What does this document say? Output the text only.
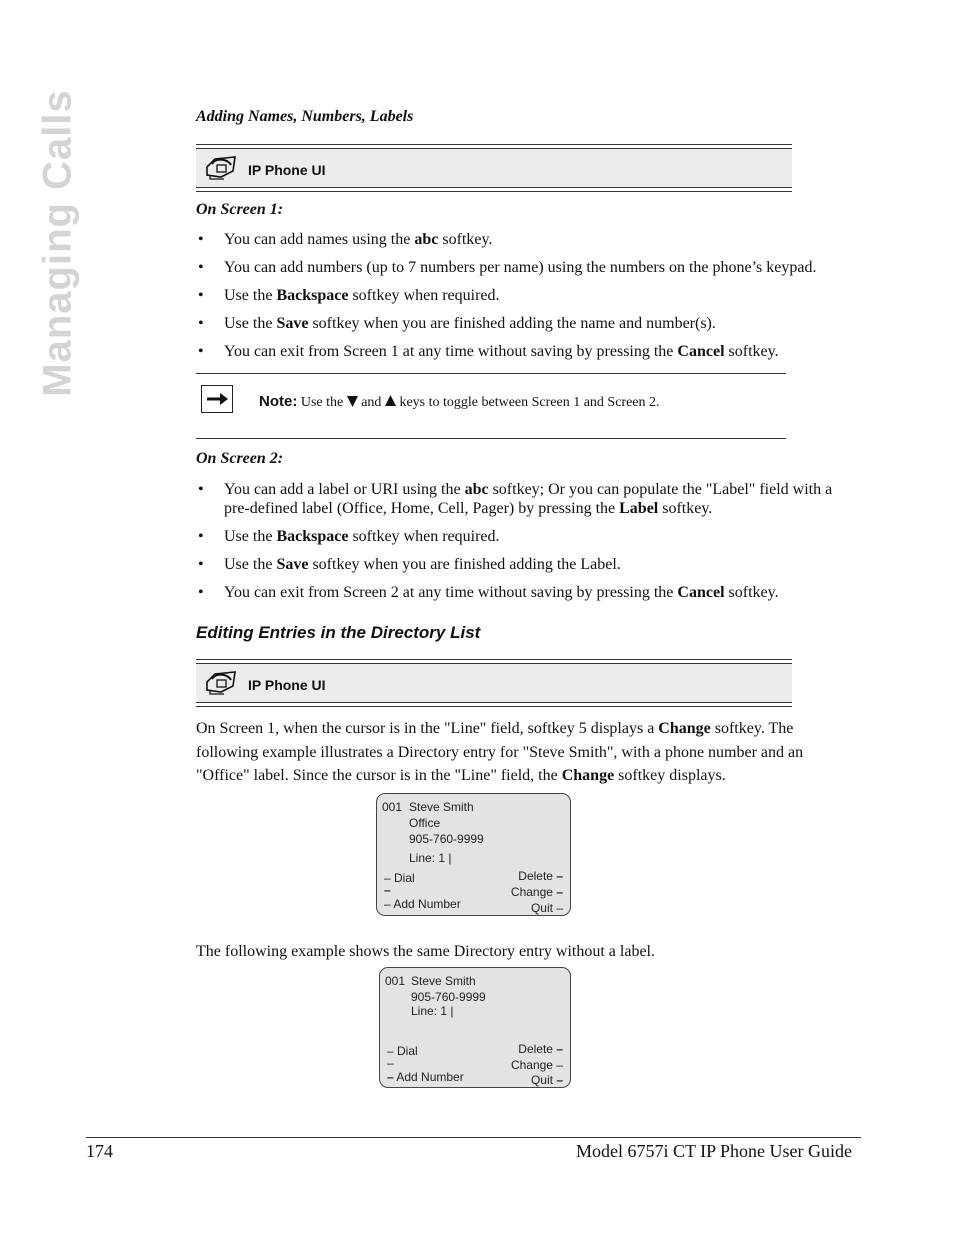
Managing Calls	Adding Names, Numbers, Labels
IP Phone UI
On Screen 1:
• You can add names using the abc softkey.
• You can add numbers (up to 7 numbers per name) using the numbers on the phone’s keypad.
• Use the Backspace softkey when required.
• Use the Save softkey when you are finished adding the name and number(s).
• You can exit from Screen 1 at any time without saving by pressing the Cancel softkey.
Note: Use the and keys to toggle between Screen 1 and Screen 2.
On Screen 2:
• You can add a label or URI using the abc softkey; Or you can populate the "Label" field with a pre-defined label (Office, Home, Cell, Pager) by pressing the Label softkey.
• Use the Backspace softkey when required.
• Use the Save softkey when you are finished adding the Label.
• You can exit from Screen 2 at any time without saving by pressing the Cancel softkey.
Editing Entries in the Directory List
IP Phone UI
On Screen 1, when the cursor is in the "Line" field, softkey 5 displays a Change softkey. The following example illustrates a Directory entry for "Steve Smith", with a phone number and an "Office" label. Since the cursor is in the "Line" field, the Change softkey displays.
001 Steve Smith
Office
905-760-9999
Line: 1 |
– Dial
–
– Add Number
Delete –
Change –
Quit –
The following example shows the same Directory entry without a label.
001 Steve Smith
905-760-9999
Line: 1 |
– Dial
–
– Add Number
Delete –
Change –
Quit –
174	Model 6757i CT IP Phone User Guide
